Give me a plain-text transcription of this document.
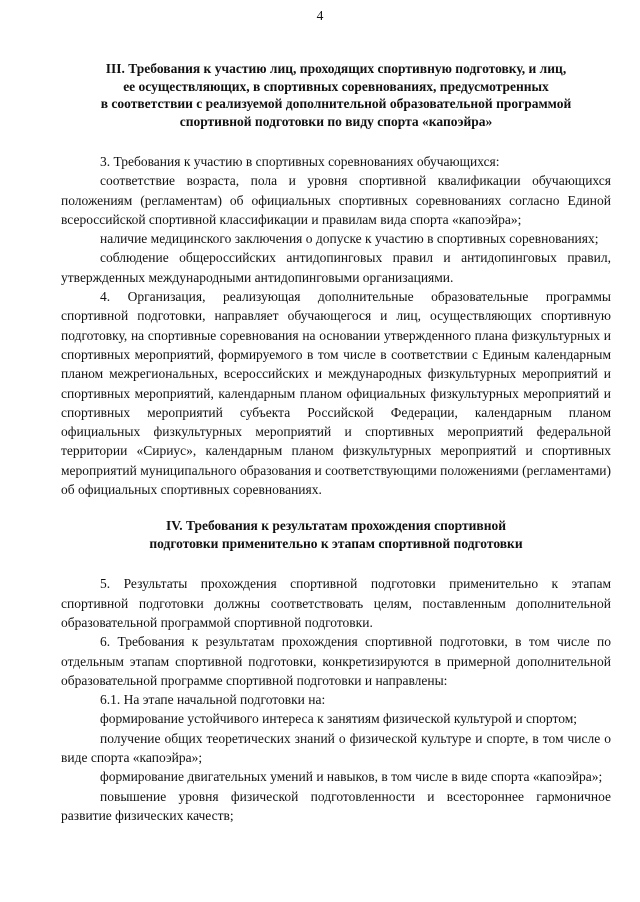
4
III. Требования к участию лиц, проходящих спортивную подготовку, и лиц,
ее осуществляющих, в спортивных соревнованиях, предусмотренных
в соответствии с реализуемой дополнительной образовательной программой
спортивной подготовки по виду спорта «капоэйра»

3. Требования к участию в спортивных соревнованиях обучающихся:

соответствие возраста, пола и уровня спортивной квалификации обучающихся положениям (регламентам) об официальных спортивных соревнованиях согласно Единой всероссийской спортивной классификации и правилам вида спорта «капоэйра»;

наличие медицинского заключения о допуске к участию в спортивных соревнованиях;

соблюдение общероссийских антидопинговых правил и антидопинговых правил, утвержденных международными антидопинговыми организациями.

4. Организация, реализующая дополнительные образовательные программы спортивной подготовки, направляет обучающегося и лиц, осуществляющих спортивную подготовку, на спортивные соревнования на основании утвержденного плана физкультурных и спортивных мероприятий, формируемого в том числе в соответствии с Единым календарным планом межрегиональных, всероссийских и международных физкультурных мероприятий и спортивных мероприятий, календарным планом официальных физкультурных мероприятий и спортивных мероприятий субъекта Российской Федерации, календарным планом официальных физкультурных мероприятий и спортивных мероприятий федеральной территории «Сириус», календарным планом физкультурных мероприятий и спортивных мероприятий муниципального образования и соответствующими положениями (регламентами) об официальных спортивных соревнованиях.

IV. Требования к результатам прохождения спортивной
подготовки применительно к этапам спортивной подготовки

5. Результаты прохождения спортивной подготовки применительно к этапам спортивной подготовки должны соответствовать целям, поставленным дополнительной образовательной программой спортивной подготовки.

6. Требования к результатам прохождения спортивной подготовки, в том числе по отдельным этапам спортивной подготовки, конкретизируются в примерной дополнительной образовательной программе спортивной подготовки и направлены:

6.1. На этапе начальной подготовки на:

формирование устойчивого интереса к занятиям физической культурой и спортом;

получение общих теоретических знаний о физической культуре и спорте, в том числе о виде спорта «капоэйра»;

формирование двигательных умений и навыков, в том числе в виде спорта «капоэйра»;

повышение уровня физической подготовленности и всестороннее гармоничное развитие физических качеств;
